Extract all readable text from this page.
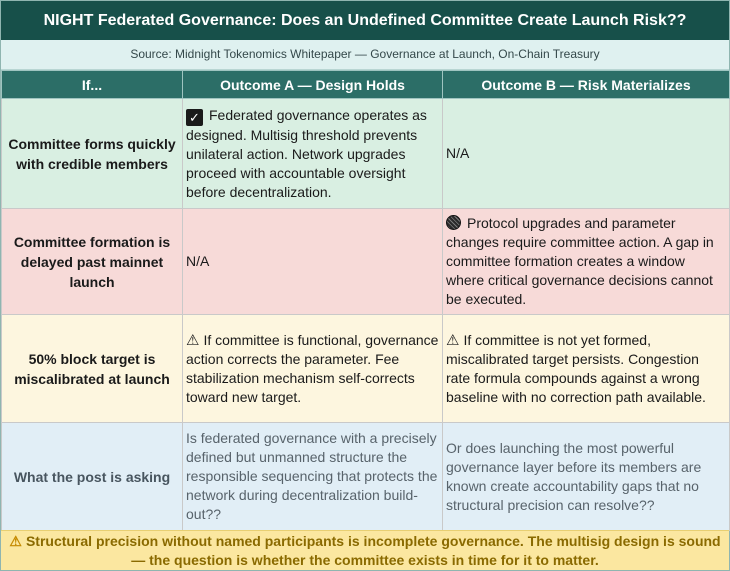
NIGHT Federated Governance: Does an Undefined Committee Create Launch Risk??
Source: Midnight Tokenomics Whitepaper — Governance at Launch, On-Chain Treasury
If...	Outcome A — Design Holds	Outcome B — Risk Materializes
Committee forms quickly with credible members	✓ Federated governance operates as designed. Multisig threshold prevents unilateral action. Network upgrades proceed with accountable oversight before decentralization.	N/A
Committee formation is delayed past mainnet launch	N/A	Protocol upgrades and parameter changes require committee action. A gap in committee formation creates a window where critical governance decisions cannot be executed.
50% block target is miscalibrated at launch	⚠ If committee is functional, governance action corrects the parameter. Fee stabilization mechanism self-corrects toward new target.	⚠ If committee is not yet formed, miscalibrated target persists. Congestion rate formula compounds against a wrong baseline with no correction path available.
What the post is asking	Is federated governance with a precisely defined but unmanned structure the responsible sequencing that protects the network during decentralization build-out??	Or does launching the most powerful governance layer before its members are known create accountability gaps that no structural precision can resolve??
⚠ Structural precision without named participants is incomplete governance. The multisig design is sound — the question is whether the committee exists in time for it to matter.
